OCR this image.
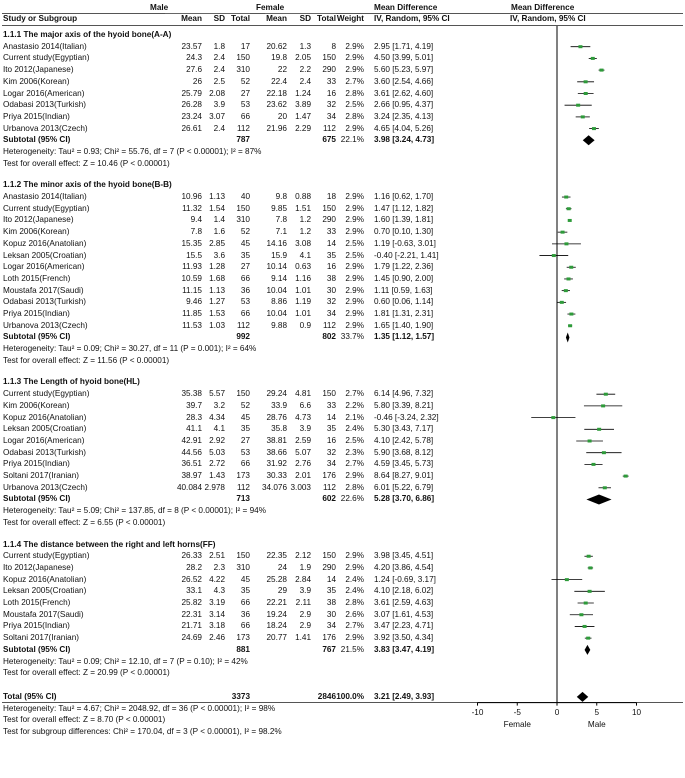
Male	Female	Mean Difference	Mean Difference
Study or Subgroup	Mean	SD Total	Mean	SD Total Weight IV, Random, 95% CI	IV, Random, 95% CI
1.1.1 The major axis of the hyoid bone(A-A)
Anastasio 2014(Italian)	23.57	1.8	17	20.62	1.3	8	2.9% 2.95 [1.71, 4.19]
Current study(Egyptian)	24.3	2.4	150	19.8 2.05	150	2.9% 4.50 [3.99, 5.01]
Ito 2012(Japanese)	27.6	2.4	310	22	2.2	290	2.9% 5.60 [5.23, 5.97]
Kim 2006(Korean)	26	2.5	52	22.4	2.4	33	2.7% 3.60 [2.54, 4.66]
Logar 2016(American)	25.79 2.08	27	22.18 1.24	16	2.8% 3.61 [2.62, 4.60]
Odabasi 2013(Turkish)	26.28	3.9	53	23.62 3.89	32	2.5% 2.66 [0.95, 4.37]
Priya 2015(Indian)	23.24 3.07	66	20 1.47	34	2.8% 3.24 [2.35, 4.13]
Urbanova 2013(Czech)	26.61	2.4	112	21.96 2.29	112	2.9% 4.65 [4.04, 5.26]
Subtotal (95% CI)	787	675 22.1% 3.98 [3.24, 4.73]
Heterogeneity: Tau² = 0.93; Chi² = 55.76, df = 7 (P < 0.00001); I² = 87%
Test for overall effect: Z = 10.46 (P < 0.00001)
1.1.2 The minor axis of the hyoid bone(B-B)
Anastasio 2014(Italian)	10.96 1.13	40	9.8 0.88	18	2.9% 1.16 [0.62, 1.70]
Current study(Egyptian)	11.32 1.54	150	9.85 1.51	150	2.9% 1.47 [1.12, 1.82]
Ito 2012(Japanese)	9.4	1.4	310	7.8	1.2	290	2.9% 1.60 [1.39, 1.81]
Kim 2006(Korean)	7.8	1.6	52	7.1	1.2	33	2.9% 0.70 [0.10, 1.30]
Kopuz 2016(Anatolian)	15.35 2.85	45	14.16 3.08	14	2.5% 1.19 [-0.63, 3.01]
Leksan 2005(Croatian)	15.5	3.6	35	15.9	4.1	35	2.5% -0.40 [-2.21, 1.41]
Logar 2016(American)	11.93 1.28	27	10.14 0.63	16	2.9% 1.79 [1.22, 2.36]
Loth 2015(French)	10.59 1.68	66	9.14 1.16	38	2.9% 1.45 [0.90, 2.00]
Moustafa 2017(Saudi)	11.15 1.13	36	10.04 1.01	30	2.9% 1.11 [0.59, 1.63]
Odabasi 2013(Turkish)	9.46 1.27	53	8.86 1.19	32	2.9% 0.60 [0.06, 1.14]
Priya 2015(Indian)	11.85 1.53	66	10.04 1.01	34	2.9% 1.81 [1.31, 2.31]
Urbanova 2013(Czech)	11.53 1.03	112	9.88	0.9	112	2.9% 1.65 [1.40, 1.90]
Subtotal (95% CI)	992	802 33.7% 1.35 [1.12, 1.57]
Heterogeneity: Tau² = 0.09; Chi² = 30.27, df = 11 (P = 0.001); I² = 64%
Test for overall effect: Z = 11.56 (P < 0.00001)
1.1.3 The Length of hyoid bone(HL)
Current study(Egyptian)	35.38 5.57	150	29.24 4.81	150	2.7% 6.14 [4.96, 7.32]
Kim 2006(Korean)	39.7	3.2	52	33.9	6.6	33	2.2% 5.80 [3.39, 8.21]
Kopuz 2016(Anatolian)	28.3 4.34	45	28.76 4.73	14	2.1% -0.46 [-3.24, 2.32]
Leksan 2005(Croatian)	41.1	4.1	35	35.8	3.9	35	2.4% 5.30 [3.43, 7.17]
Logar 2016(American)	42.91 2.92	27	38.81 2.59	16	2.5% 4.10 [2.42, 5.78]
Odabasi 2013(Turkish)	44.56 5.03	53	38.66 5.07	32	2.3% 5.90 [3.68, 8.12]
Priya 2015(Indian)	36.51 2.72	66	31.92 2.76	34	2.7% 4.59 [3.45, 5.73]
Soltani 2017(Iranian)	38.97 1.43	173	30.33 2.01	176	2.9% 8.64 [8.27, 9.01]
Urbanova 2013(Czech)	40.084 2.978	112	34.076 3.003	112	2.8% 6.01 [5.22, 6.79]
Subtotal (95% CI)	713	602 22.6% 5.28 [3.70, 6.86]
Heterogeneity: Tau² = 5.09; Chi² = 137.85, df = 8 (P < 0.00001); I² = 94%
Test for overall effect: Z = 6.55 (P < 0.00001)
1.1.4 The distance between the right and left horns(FF)
Current study(Egyptian)	26.33 2.51	150	22.35 2.12	150	2.9% 3.98 [3.45, 4.51]
Ito 2012(Japanese)	28.2	2.3	310	24	1.9	290	2.9% 4.20 [3.86, 4.54]
Kopuz 2016(Anatolian)	26.52 4.22	45	25.28 2.84	14	2.4% 1.24 [-0.69, 3.17]
Leksan 2005(Croatian)	33.1	4.3	35	29	3.9	35	2.4% 4.10 [2.18, 6.02]
Loth 2015(French)	25.82 3.19	66	22.21	2.11	38	2.8% 3.61 [2.59, 4.63]
Moustafa 2017(Saudi)	22.31 3.14	36	19.24	2.9	30	2.6% 3.07 [1.61, 4.53]
Priya 2015(Indian)	21.71 3.18	66	18.24	2.9	34	2.7% 3.47 [2.23, 4.71]
Soltani 2017(Iranian)	24.69 2.46	173	20.77 1.41	176	2.9% 3.92 [3.50, 4.34]
Subtotal (95% CI)	881	767 21.5% 3.83 [3.47, 4.19]
Heterogeneity: Tau² = 0.09; Chi² = 12.10, df = 7 (P = 0.10); I² = 42%
Test for overall effect: Z = 20.99 (P < 0.00001)
Total (95% CI)	3373	2846 100.0% 3.21 [2.49, 3.93]
Heterogeneity: Tau² = 4.67; Chi² = 2048.92, df = 36 (P < 0.00001); I² = 98%
Test for overall effect: Z = 8.70 (P < 0.00001)
Test for subgroup differences: Chi² = 170.04, df = 3 (P < 0.00001), I² = 98.2%
-10	-5	0	5	10
Female	Male
